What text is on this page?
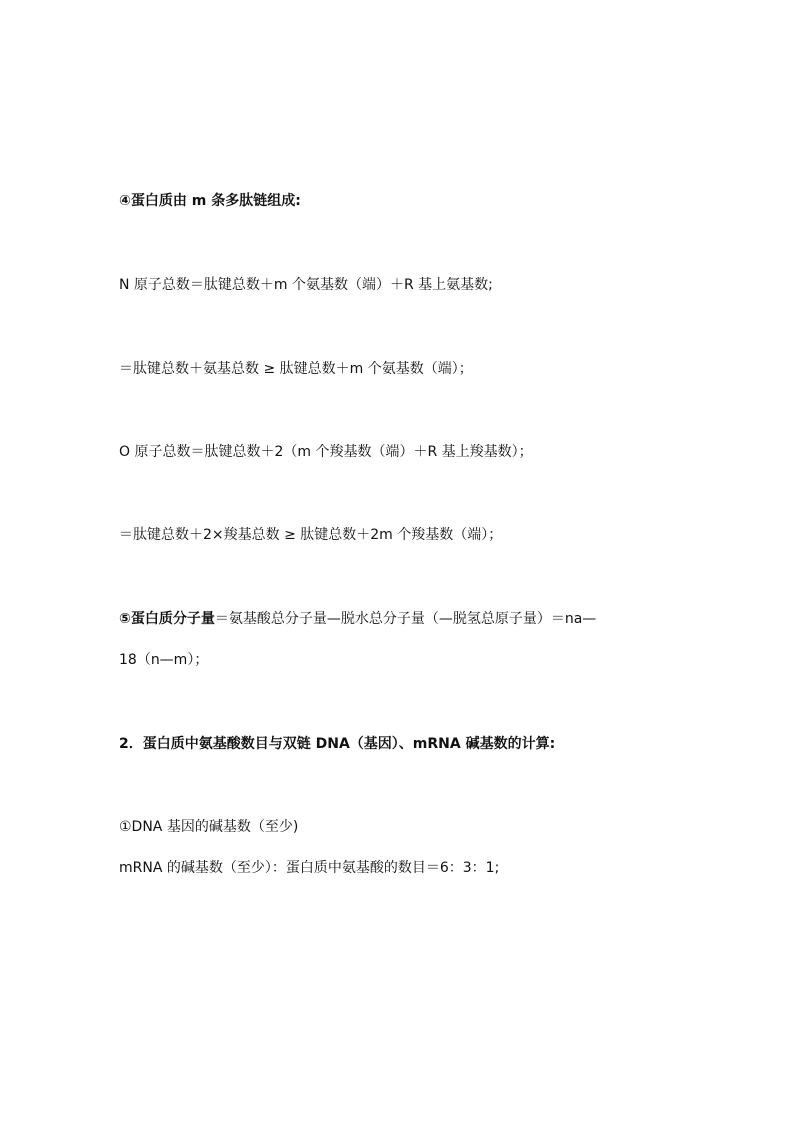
④蛋白质由 m 条多肽链组成:
N 原子总数＝肽键总数＋m 个氨基数（端）＋R 基上氨基数;
＝肽键总数＋氨基总数 ≥ 肽键总数＋m 个氨基数（端）；
O 原子总数＝肽键总数＋2（m 个羧基数（端）＋R 基上羧基数）；
＝肽键总数＋2×羧基总数 ≥ 肽键总数＋2m 个羧基数（端）；
⑤蛋白质分子量＝氨基酸总分子量—脱水总分子量（—脱氢总原子量）＝na—
18（n—m）；
2．蛋白质中氨基酸数目与双链 DNA（基因）、mRNA 碱基数的计算:
①DNA 基因的碱基数（至少)
mRNA 的碱基数（至少）：蛋白质中氨基酸的数目＝6：3：1;
